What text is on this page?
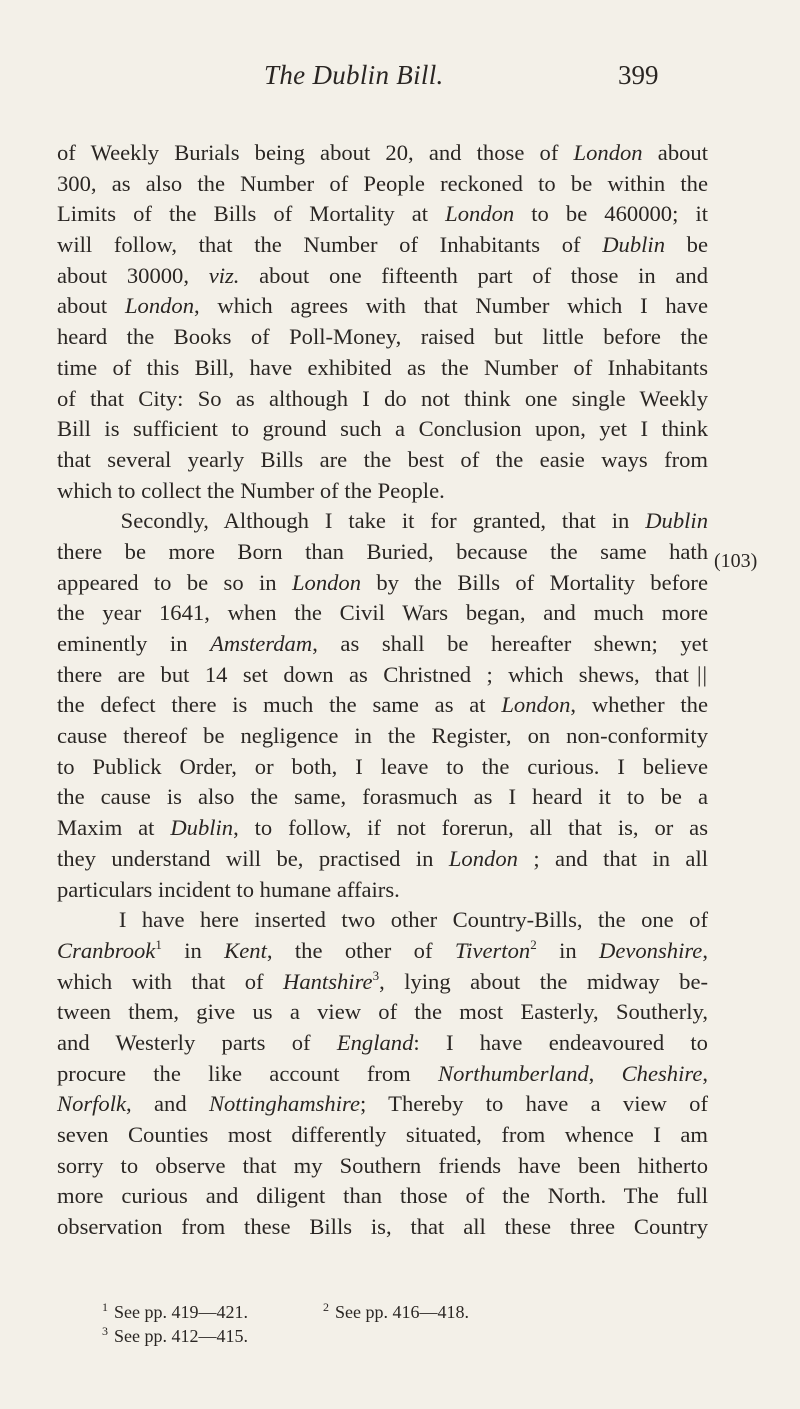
The Dublin Bill.	399
of Weekly Burials being about 20, and those of London about
300, as also the Number of People reckoned to be within the
Limits of the Bills of Mortality at London to be 460000; it
will follow, that the Number of Inhabitants of Dublin be
about 30000, viz. about one fifteenth part of those in and
about London, which agrees with that Number which I have
heard the Books of Poll-Money, raised but little before the
time of this Bill, have exhibited as the Number of Inhabitants
of that City: So as although I do not think one single Weekly
Bill is sufficient to ground such a Conclusion upon, yet I think
that several yearly Bills are the best of the easie ways from
which to collect the Number of the People.
Secondly, Although I take it for granted, that in Dublin
there be more Born than Buried, because the same hath
appeared to be so in London by the Bills of Mortality before
the year 1641, when the Civil Wars began, and much more
eminently in Amsterdam, as shall be hereafter shewn; yet
there are but 14 set down as Christned ; which shews, that ||
the defect there is much the same as at London, whether the
cause thereof be negligence in the Register, on non-conformity
to Publick Order, or both, I leave to the curious. I believe
the cause is also the same, forasmuch as I heard it to be a
Maxim at Dublin, to follow, if not forerun, all that is, or as
they understand will be, practised in London ; and that in all
particulars incident to humane affairs.
I have here inserted two other Country-Bills, the one of
Cranbrook$^1$ in Kent, the other of Tiverton$^2$ in Devonshire,
which with that of Hantshire$^3$, lying about the midway be-
tween them, give us a view of the most Easterly, Southerly,
and Westerly parts of England: I have endeavoured to
procure the like account from Northumberland, Cheshire,
Norfolk, and Nottinghamshire; Thereby to have a view of
seven Counties most differently situated, from whence I am
sorry to observe that my Southern friends have been hitherto
more curious and diligent than those of the North. The full
observation from these Bills is, that all these three Country
(103)
$^1$ See pp. 419—421.	$^2$ See pp. 416—418.
$^3$ See pp. 412—415.
